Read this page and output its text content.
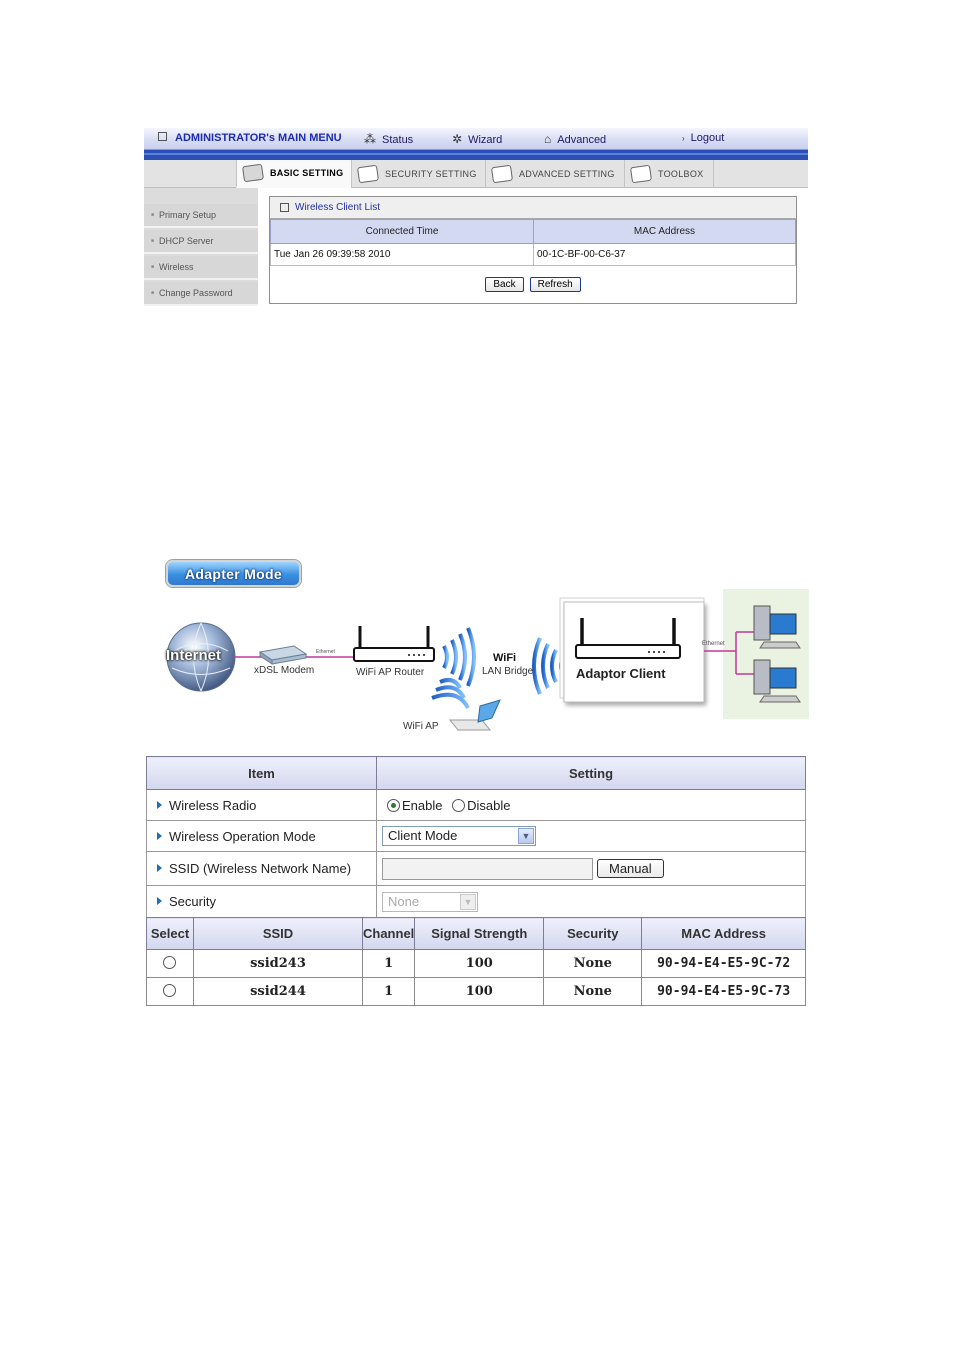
ADMINISTRATOR's MAIN MENU ⁂ Status	✲ Wizard	⌂ Advanced	› Logout
BASIC SETTING	SECURITY SETTING	ADVANCED SETTING	TOOLBOX
■ Primary Setup
■ DHCP Server
■ Wireless
■ Change Password
Wireless Client List
Connected Time	MAC Address
Tue Jan 26 09:39:58 2010	00-1C-BF-00-C6-37
Back	Refresh
Adapter Mode
Internet
xDSL Modem
Ethernet
WiFi AP Router
WiFi
LAN Bridge	Adaptor Client
Ethernet
WiFi AP
Item	Setting
Wireless Radio	Enable Disable
Wireless Operation Mode	Client Mode ▼

SSID (Wireless Network Name)	Manual
Security	None ▼
Select	SSID	Channel	Signal Strength	Security	MAC Address
	ssid243	1	100	None	90-94-E4-E5-9C-72
	ssid244	1	100	None	90-94-E4-E5-9C-73
